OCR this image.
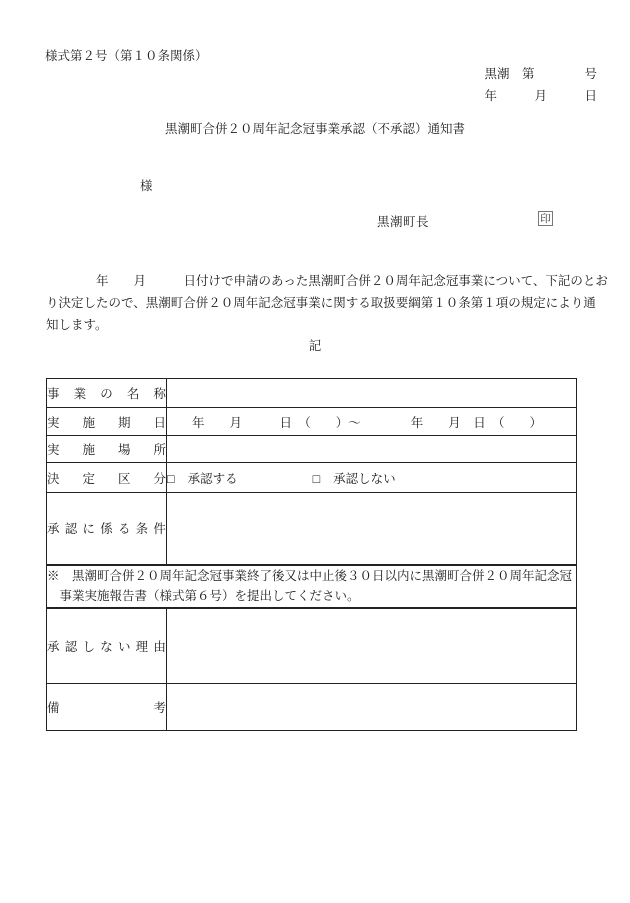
様式第２号（第１０条関係）
黒潮　第　　　　号
年　　　月　　　日
黒潮町合併２０周年記念冠事業承認（不承認）通知書
様
黒潮町長	印
　　　　年　　月　　　日付けで申請のあった黒潮町合併２０周年記念冠事業について、下記のとお
り決定したので、黒潮町合併２０周年記念冠事業に関する取扱要綱第１０条第１項の規定により通
知します。
記
事 業 の 名 称	

実 施 期 日	　　年　　月　　　日　（　　）～　　　　年　　月　日　（　　）

実 施 場 所	

決 定 区 分	□ 承認する □ 承認しない

承 認 に 係 る 条 件

※　黒潮町合併２０周年記念冠事業終了後又は中止後３０日以内に黒潮町合併２０周年記念冠
　事業実施報告書（様式第６号）を提出してください。	

承 認 し な い 理 由

備 考	
